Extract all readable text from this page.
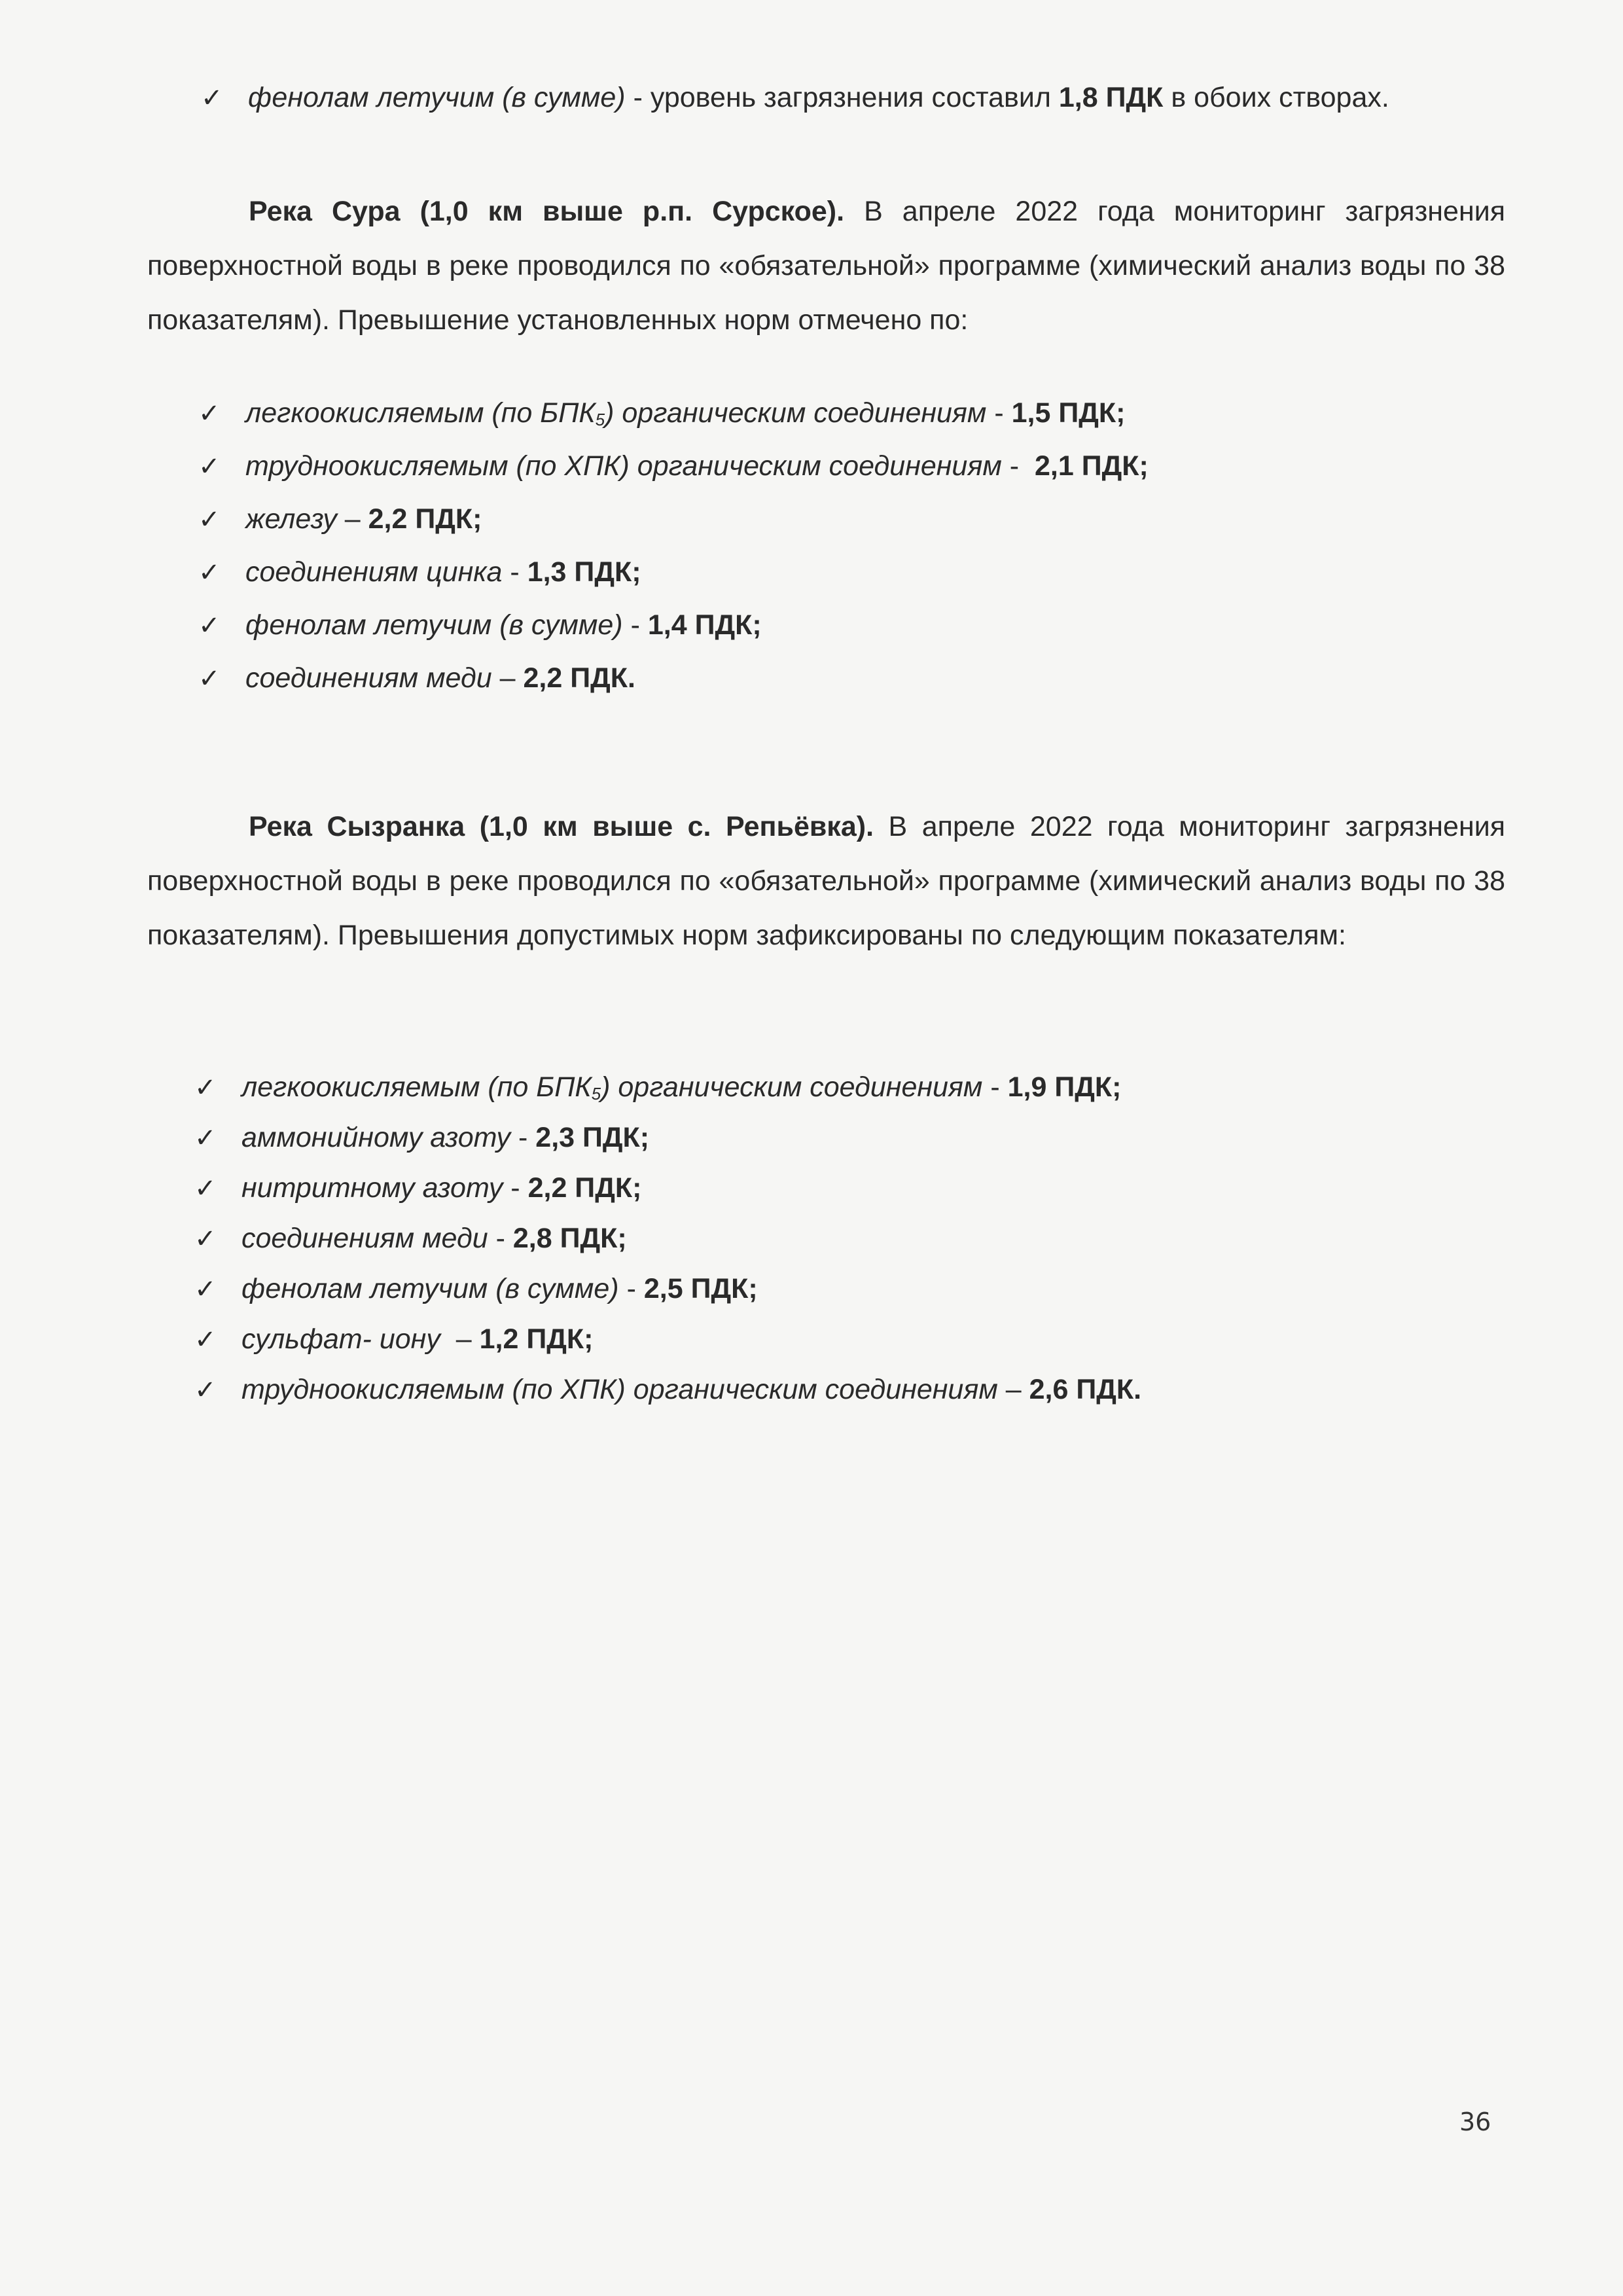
✓ фенолам летучим (в сумме) - уровень загрязнения составил 1,8 ПДК в обоих створах.
Река Сура (1,0 км выше р.п. Сурское). В апреле 2022 года мониторинг загрязнения поверхностной воды в реке проводился по «обязательной» программе (химический анализ воды по 38 показателям). Превышение установленных норм отмечено по:
✓ легкоокисляемым (по $БПК_5$) органическим соединениям - 1,5 ПДК;
✓ трудноокисляемым (по ХПК) органическим соединениям -  2,1 ПДК;
✓ железу – 2,2 ПДК;
✓ соединениям цинка - 1,3 ПДК;
✓ фенолам летучим (в сумме) - 1,4 ПДК;
✓ соединениям меди – 2,2 ПДК.
Река Сызранка (1,0 км выше с. Репьёвка). В апреле 2022 года мониторинг загрязнения поверхностной воды в реке проводился по «обязательной» программе (химический анализ воды по 38 показателям). Превышения допустимых норм зафиксированы по следующим показателям:
✓ легкоокисляемым (по $БПК_5$) органическим соединениям - 1,9 ПДК;
✓ аммонийному азоту - 2,3 ПДК;
✓ нитритному азоту - 2,2 ПДК;
✓ соединениям меди - 2,8 ПДК;
✓ фенолам летучим (в сумме) - 2,5 ПДК;
✓ сульфат- иону  – 1,2 ПДК;
✓ трудноокисляемым (по ХПК) органическим соединениям – 2,6 ПДК.
36
